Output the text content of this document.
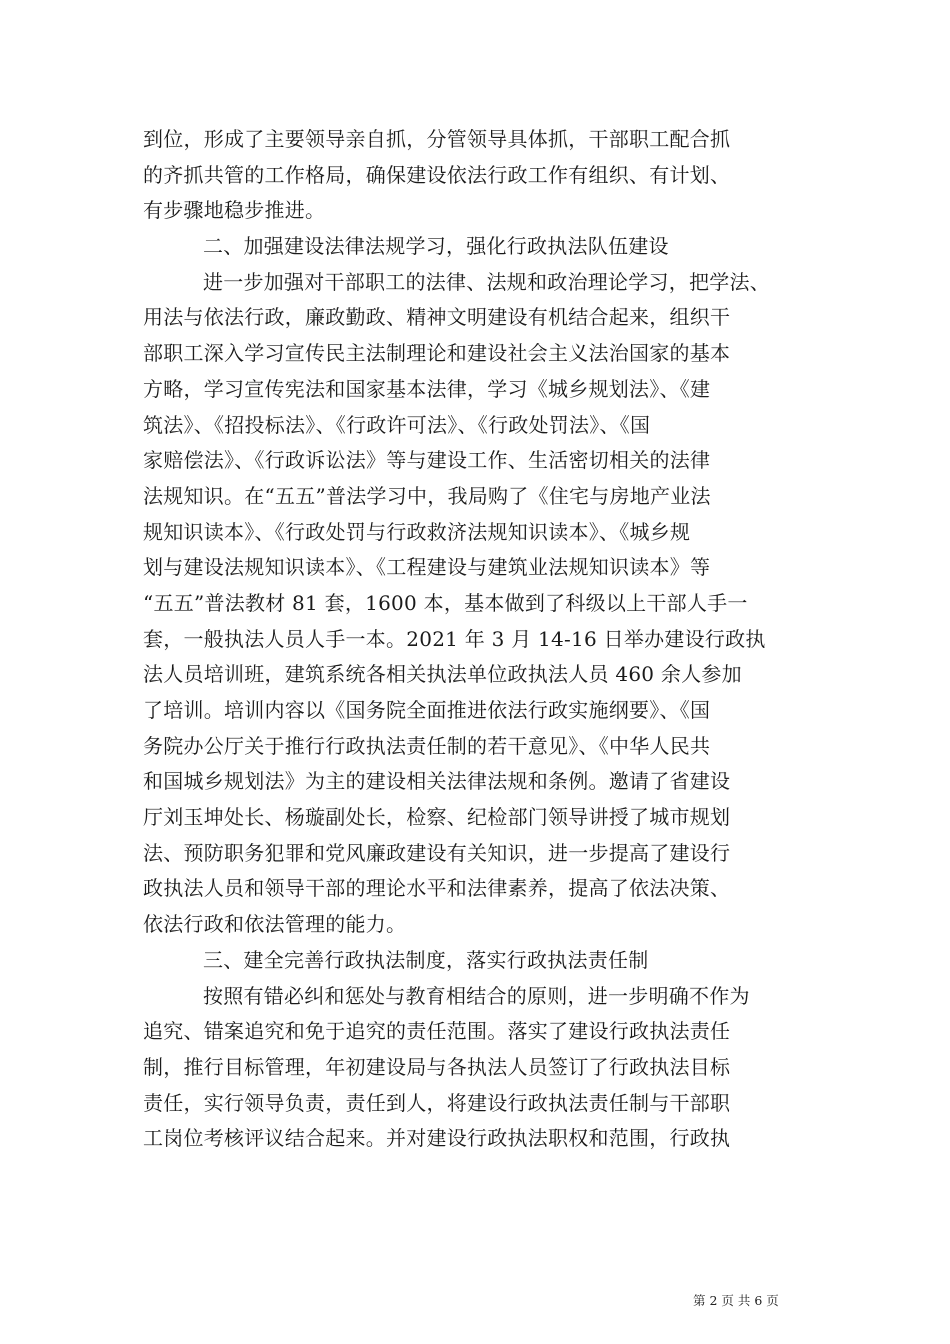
到位，形成了主要领导亲自抓，分管领导具体抓，干部职工配合抓
的齐抓共管的工作格局，确保建设依法行政工作有组织、有计划、
有步骤地稳步推进。
二、加强建设法律法规学习，强化行政执法队伍建设
进一步加强对干部职工的法律、法规和政治理论学习，把学法、
用法与依法行政，廉政勤政、精神文明建设有机结合起来，组织干
部职工深入学习宣传民主法制理论和建设社会主义法治国家的基本
方略，学习宣传宪法和国家基本法律，学习《城乡规划法》、《建
筑法》、《招投标法》、《行政许可法》、《行政处罚法》、《国
家赔偿法》、《行政诉讼法》等与建设工作、生活密切相关的法律
法规知识。在“五五”普法学习中，我局购了《住宅与房地产业法
规知识读本》、《行政处罚与行政救济法规知识读本》、《城乡规
划与建设法规知识读本》、《工程建设与建筑业法规知识读本》等
“五五”普法教材 81 套，1600 本，基本做到了科级以上干部人手一
套，一般执法人员人手一本。2021 年 3 月 14-16 日举办建设行政执
法人员培训班，建筑系统各相关执法单位政执法人员 460 余人参加
了培训。培训内容以《国务院全面推进依法行政实施纲要》、《国
务院办公厅关于推行行政执法责任制的若干意见》、《中华人民共
和国城乡规划法》为主的建设相关法律法规和条例。邀请了省建设
厅刘玉坤处长、杨璇副处长，检察、纪检部门领导讲授了城市规划
法、预防职务犯罪和党风廉政建设有关知识，进一步提高了建设行
政执法人员和领导干部的理论水平和法律素养，提高了依法决策、
依法行政和依法管理的能力。
三、建全完善行政执法制度，落实行政执法责任制
按照有错必纠和惩处与教育相结合的原则，进一步明确不作为
追究、错案追究和免于追究的责任范围。落实了建设行政执法责任
制，推行目标管理，年初建设局与各执法人员签订了行政执法目标
责任，实行领导负责，责任到人，将建设行政执法责任制与干部职
工岗位考核评议结合起来。并对建设行政执法职权和范围，行政执
第 2 页 共 6 页
